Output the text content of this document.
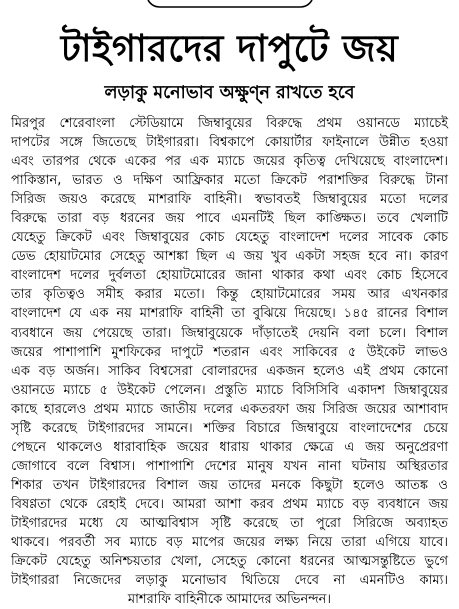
টাইগারদের দাপুটে জয়
লড়াকু মনোভাব অক্ষুণ্ন রাখতে হবে
মিরপুর শেরেবাংলা স্টেডিয়ামে জিম্বাবুয়ের বিরুদ্ধে প্রথম ওয়ানডে ম্যাচেই
দাপটের সঙ্গে জিতেছে টাইগাররা। বিশ্বকাপে কোয়ার্টার ফাইনালে উন্নীত হওয়া
এবং তারপর থেকে একের পর এক ম্যাচে জয়ের কৃতিত্ব দেখিয়েছে বাংলাদেশ।
পাকিস্তান, ভারত ও দক্ষিণ আফ্রিকার মতো ক্রিকেট পরাশক্তির বিরুদ্ধে টানা
সিরিজ জয়ও করেছে মাশরাফি বাহিনী। স্বভাবতই জিম্বাবুয়ের মতো দলের
বিরুদ্ধে তারা বড় ধরনের জয় পাবে এমনটিই ছিল কাঙ্ক্ষিত। তবে খেলাটি
যেহেতু ক্রিকেট এবং জিম্বাবুয়ের কোচ যেহেতু বাংলাদেশ দলের সাবেক কোচ
ডেভ হোয়াটমোর সেহেতু আশঙ্কা ছিল এ জয় খুব একটা সহজ হবে না। কারণ
বাংলাদেশ দলের দুর্বলতা হোয়াটমোরের জানা থাকার কথা এবং কোচ হিসেবে
তার কৃতিত্বও সমীহ করার মতো। কিন্তু হোয়াটমোরের সময় আর এখনকার
বাংলাদেশ যে এক নয় মাশরাফি বাহিনী তা বুঝিয়ে দিয়েছে। ১৪৫ রানের বিশাল
ব্যবধানে জয় পেয়েছে তারা। জিম্বাবুয়েকে দাঁড়াতেই দেয়নি বলা চলে। বিশাল
জয়ের পাশাপাশি মুশফিকের দাপুটে শতরান এবং সাকিবের ৫ উইকেট লাভও
এক বড় অর্জন। সাকিব বিশ্বসেরা বোলারদের একজন হলেও এই প্রথম কোনো
ওয়ানডে ম্যাচে ৫ উইকেট পেলেন। প্রস্তুতি ম্যাচে বিসিসিবি একাদশ জিম্বাবুয়ের
কাছে হারলেও প্রথম ম্যাচে জাতীয় দলের একতরফা জয় সিরিজ জয়ের আশাবাদ
সৃষ্টি করেছে টাইগারদের সামনে। শক্তির বিচারে জিম্বাবুয়ে বাংলাদেশের চেয়ে
পেছনে থাকলেও ধারাবাহিক জয়ের ধারায় থাকার ক্ষেত্রে এ জয় অনুপ্রেরণা
জোগাবে বলে বিশ্বাস। পাশাপাশি দেশের মানুষ যখন নানা ঘটনায় অস্থিরতার
শিকার তখন টাইগারদের বিশাল জয় তাদের মনকে কিছুটা হলেও আতঙ্ক ও
বিষণ্ণতা থেকে রেহাই দেবে। আমরা আশা করব প্রথম ম্যাচে বড় ব্যবধানে জয়
টাইগারদের মধ্যে যে আত্মবিশ্বাস সৃষ্টি করেছে তা পুরো সিরিজে অব্যাহত
থাকবে। পরবর্তী সব ম্যাচে বড় মাপের জয়ের লক্ষ্য নিয়ে তারা এগিয়ে যাবে।
ক্রিকেট যেহেতু অনিশ্চয়তার খেলা, সেহেতু কোনো ধরনের আত্মসন্তুষ্টিতে ভুগে
টাইগাররা নিজেদের লড়াকু মনোভাব থিতিয়ে দেবে না এমনটিও কাম্য।
মাশরাফি বাহিনীকে আমাদের অভিনন্দন।
